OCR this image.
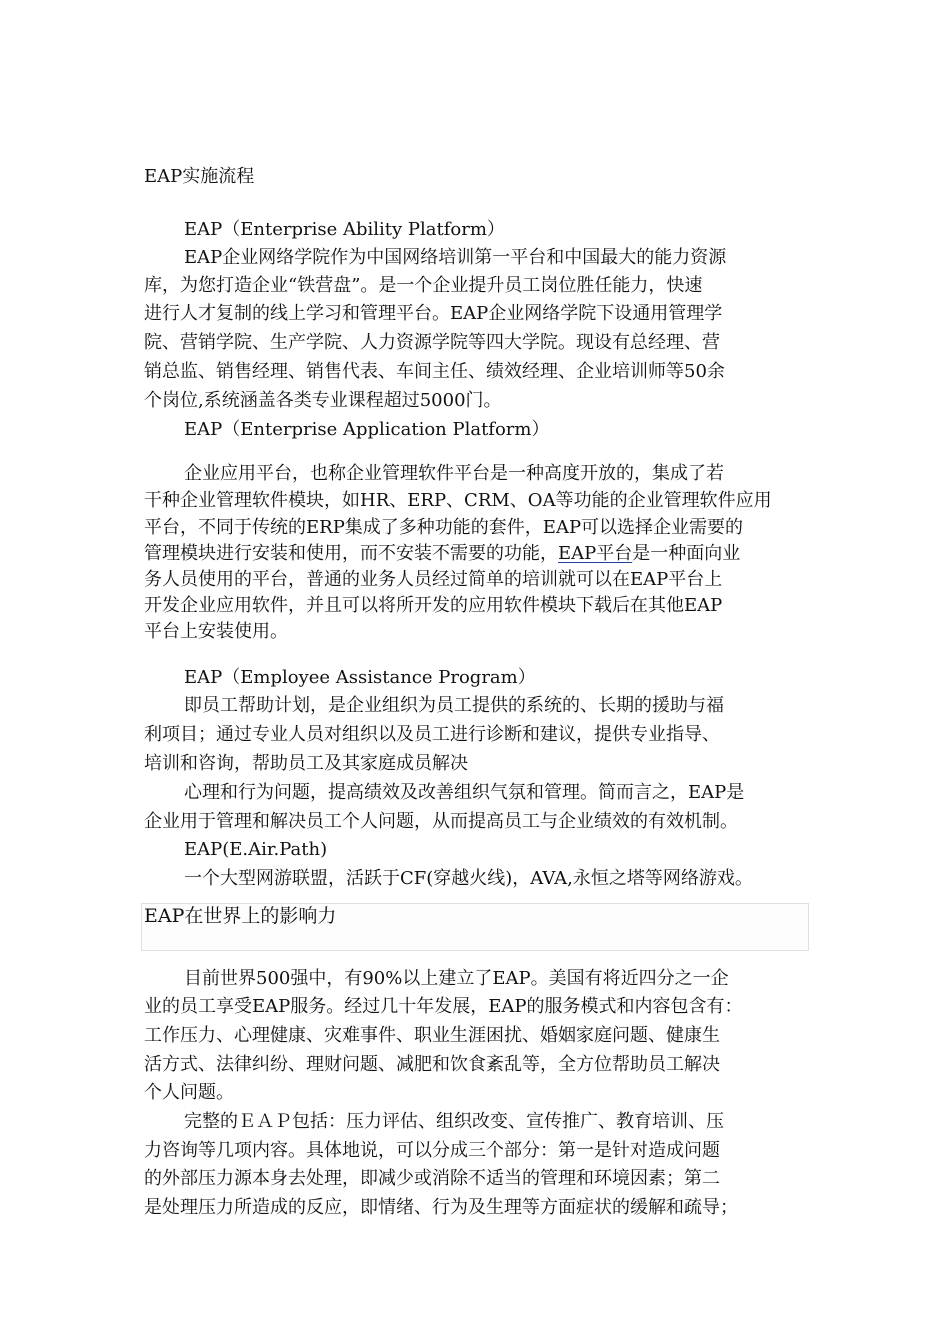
EAP实施流程
EAP（Enterprise Ability Platform）
EAP企业网络学院作为中国网络培训第一平台和中国最大的能力资源
库，为您打造企业“铁营盘”。是一个企业提升员工岗位胜任能力，快速
进行人才复制的线上学习和管理平台。EAP企业网络学院下设通用管理学
院、营销学院、生产学院、人力资源学院等四大学院。现设有总经理、营
销总监、销售经理、销售代表、车间主任、绩效经理、企业培训师等50余
个岗位,系统涵盖各类专业课程超过5000门。
EAP（Enterprise Application Platform）
企业应用平台，也称企业管理软件平台是一种高度开放的，集成了若
干种企业管理软件模块，如HR、ERP、CRM、OA等功能的企业管理软件应用
平台，不同于传统的ERP集成了多种功能的套件，EAP可以选择企业需要的
管理模块进行安装和使用，而不安装不需要的功能，EAP平台是一种面向业
务人员使用的平台，普通的业务人员经过简单的培训就可以在EAP平台上
开发企业应用软件，并且可以将所开发的应用软件模块下载后在其他EAP
平台上安装使用。
EAP（Employee Assistance Program）
即员工帮助计划，是企业组织为员工提供的系统的、长期的援助与福
利项目；通过专业人员对组织以及员工进行诊断和建议，提供专业指导、
培训和咨询，帮助员工及其家庭成员解决
心理和行为问题，提高绩效及改善组织气氛和管理。简而言之，EAP是
企业用于管理和解决员工个人问题，从而提高员工与企业绩效的有效机制。
EAP(E.Air.Path)
一个大型网游联盟，活跃于CF(穿越火线)，AVA,永恒之塔等网络游戏。
EAP在世界上的影响力
目前世界500强中，有90%以上建立了EAP。美国有将近四分之一企
业的员工享受EAP服务。经过几十年发展，EAP的服务模式和内容包含有：
工作压力、心理健康、灾难事件、职业生涯困扰、婚姻家庭问题、健康生
活方式、法律纠纷、理财问题、减肥和饮食紊乱等，全方位帮助员工解决
个人问题。
完整的ＥＡＰ包括：压力评估、组织改变、宣传推广、教育培训、压
力咨询等几项内容。具体地说，可以分成三个部分：第一是针对造成问题
的外部压力源本身去处理，即减少或消除不适当的管理和环境因素；第二
是处理压力所造成的反应，即情绪、行为及生理等方面症状的缓解和疏导；
